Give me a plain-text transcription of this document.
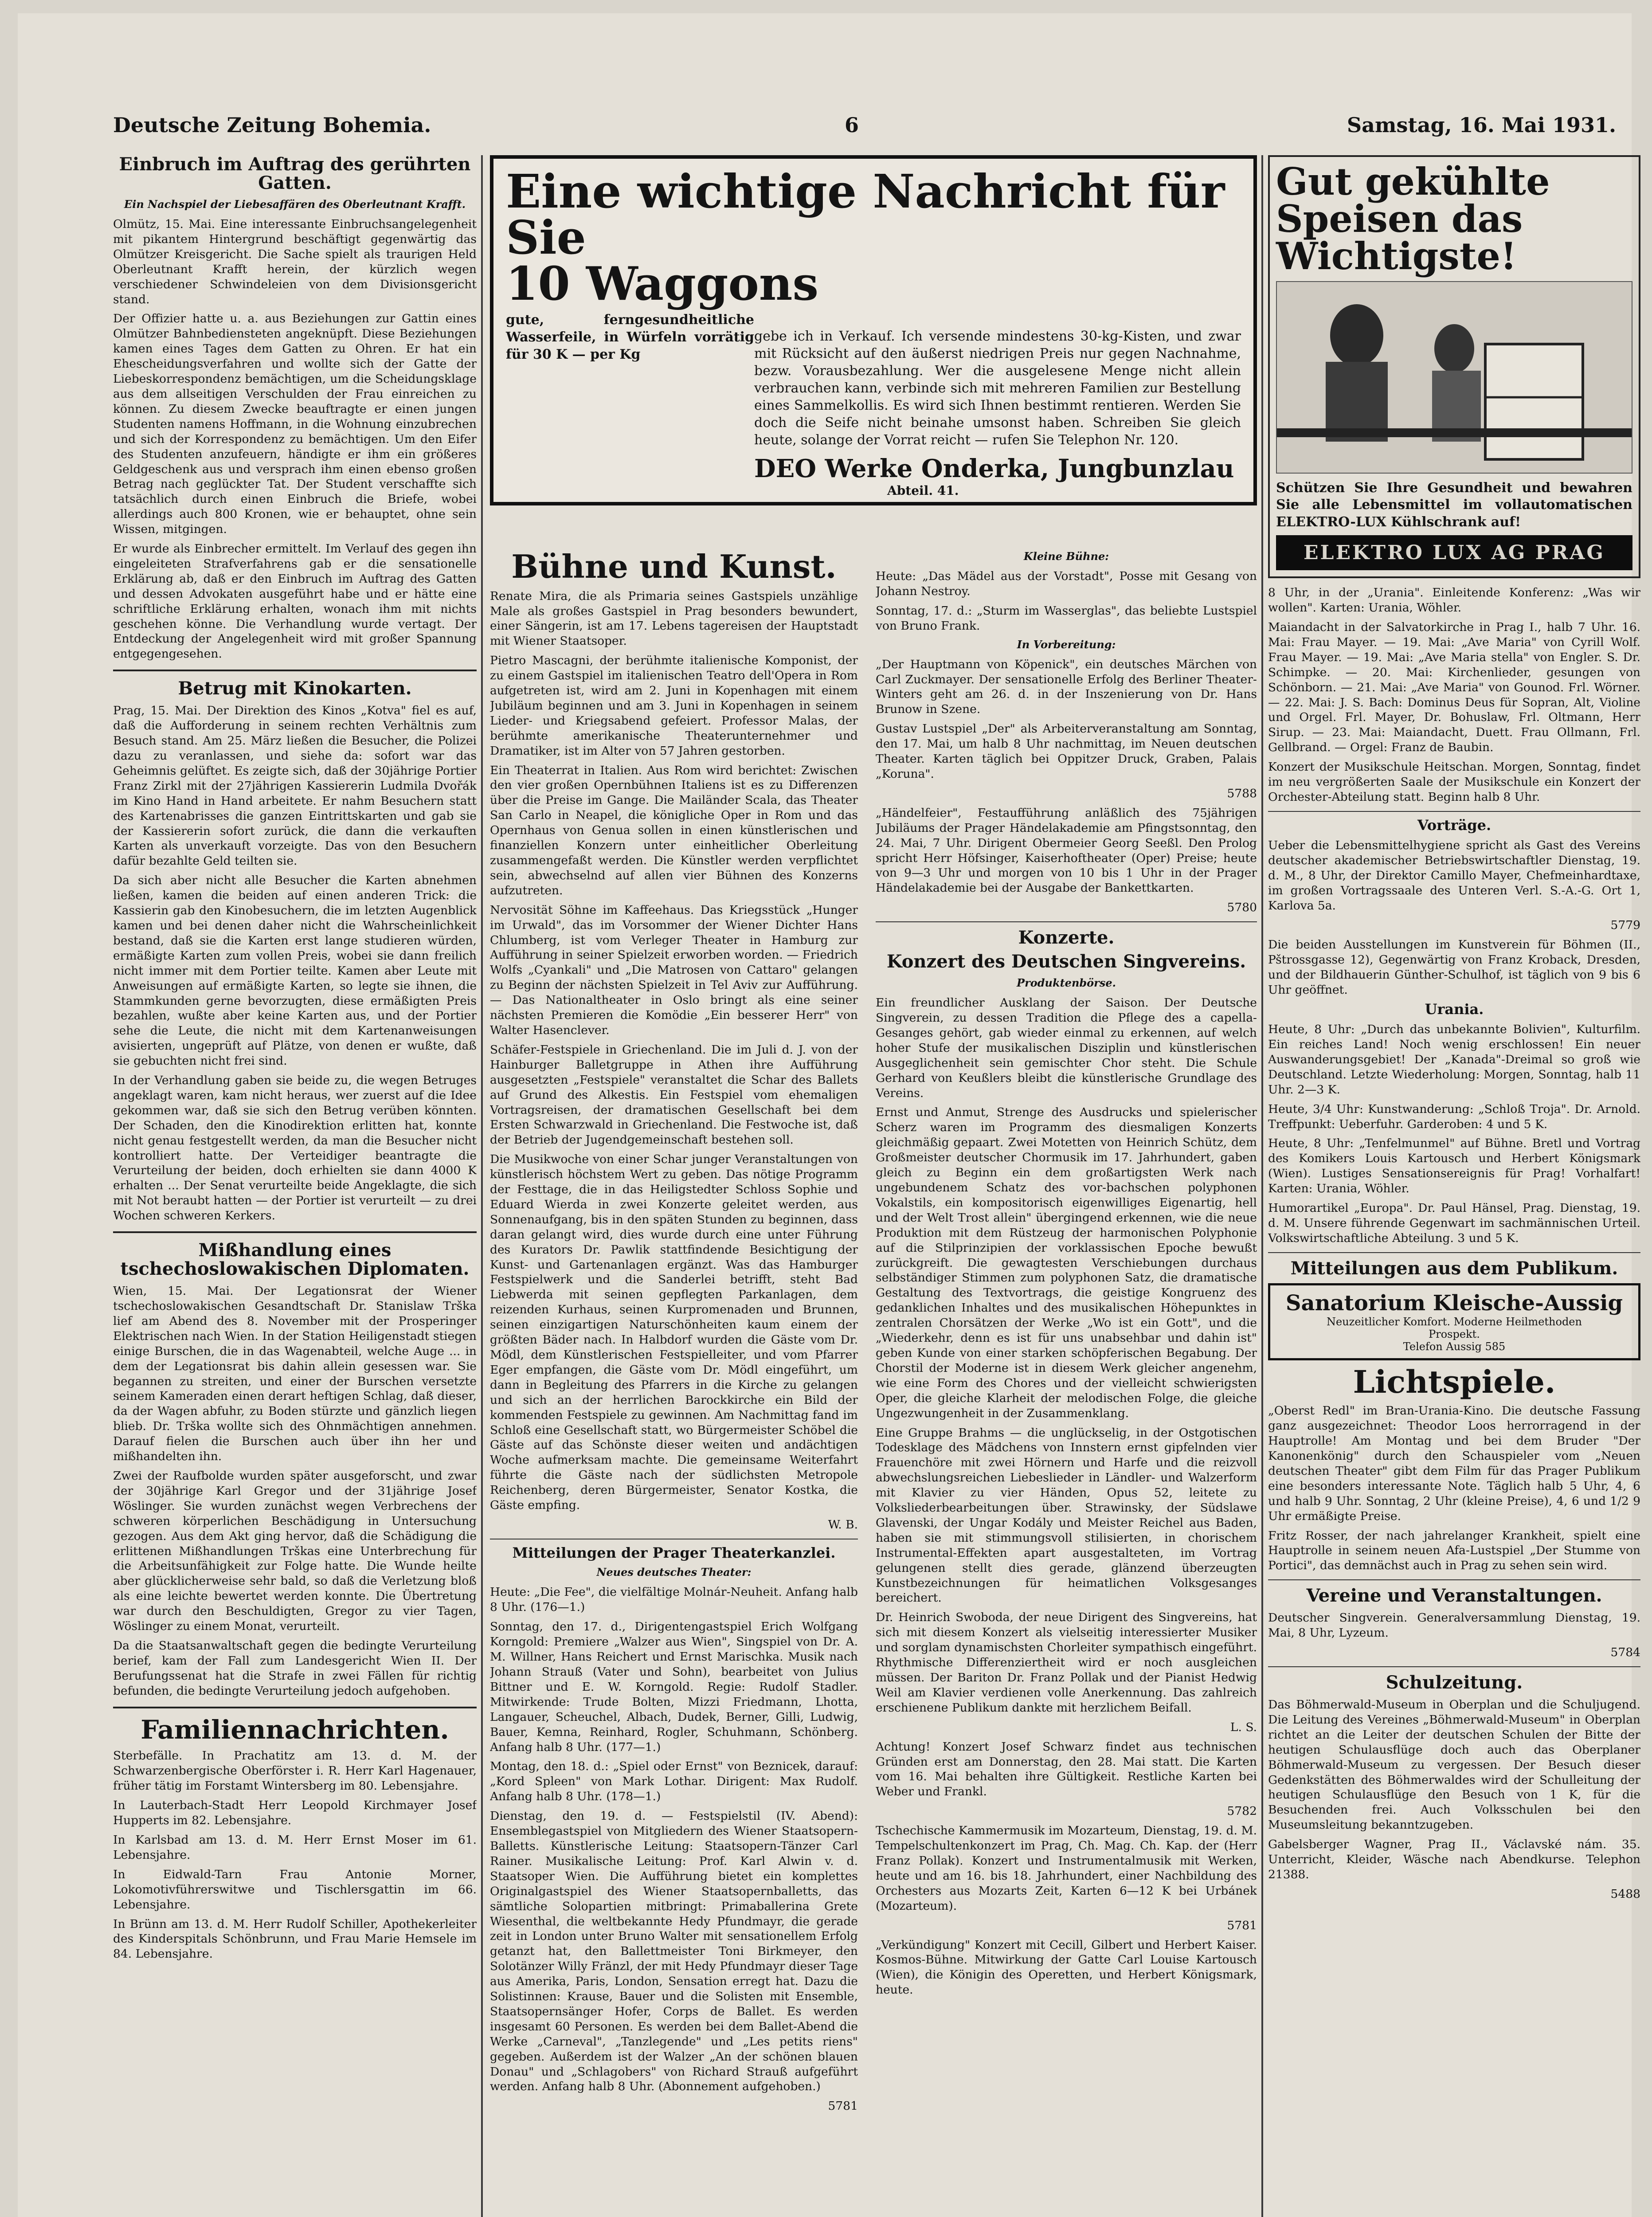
Deutsche Zeitung Bohemia.	6	Samstag, 16. Mai 1931.
Einbruch im Auftrag des gerührten Gatten.
Ein Nachspiel der Liebesaffären des Oberleutnant Krafft.

Olmütz, 15. Mai. Eine interessante Einbruchsangelegenheit mit pikantem Hintergrund beschäftigt gegenwärtig das Olmützer Kreisgericht. Die Sache spielt als traurigen Held Oberleutnant Krafft herein, der kürzlich wegen verschiedener Schwindeleien von dem Divisionsgericht stand.

Der Offizier hatte u. a. aus Beziehungen zur Gattin eines Olmützer Bahnbediensteten angeknüpft. Diese Beziehungen kamen eines Tages dem Gatten zu Ohren. Er hat ein Ehescheidungsverfahren und wollte sich der Gatte der Liebeskorrespondenz bemächtigen, um die Scheidungsklage aus dem allseitigen Verschulden der Frau einreichen zu können. Zu diesem Zwecke beauftragte er einen jungen Studenten namens Hoffmann, in die Wohnung einzubrechen und sich der Korrespondenz zu bemächtigen. Um den Eifer des Studenten anzufeuern, händigte er ihm ein größeres Geldgeschenk aus und versprach ihm einen ebenso großen Betrag nach geglückter Tat. Der Student verschaffte sich tatsächlich durch einen Einbruch die Briefe, wobei allerdings auch 800 Kronen, wie er behauptet, ohne sein Wissen, mitgingen.

Er wurde als Einbrecher ermittelt. Im Verlauf des gegen ihn eingeleiteten Strafverfahrens gab er die sensationelle Erklärung ab, daß er den Einbruch im Auftrag des Gatten und dessen Advokaten ausgeführt habe und er hätte eine schriftliche Erklärung erhalten, wonach ihm mit nichts geschehen könne. Die Verhandlung wurde vertagt. Der Entdeckung der Angelegenheit wird mit großer Spannung entgegengesehen.

Betrug mit Kinokarten.

Prag, 15. Mai. Der Direktion des Kinos „Kotva" fiel es auf, daß die Aufforderung in seinem rechten Verhältnis zum Besuch stand. Am 25. März ließen die Besucher, die Polizei dazu zu veranlassen, und siehe da: sofort war das Geheimnis gelüftet. Es zeigte sich, daß der 30jährige Portier Franz Zirkl mit der 27jährigen Kassiererin Ludmila Dvořák im Kino Hand in Hand arbeitete. Er nahm Besuchern statt des Kartenabrisses die ganzen Eintrittskarten und gab sie der Kassiererin sofort zurück, die dann die verkauften Karten als unverkauft vorzeigte. Das von den Besuchern dafür bezahlte Geld teilten sie.

Da sich aber nicht alle Besucher die Karten abnehmen ließen, kamen die beiden auf einen anderen Trick: die Kassierin gab den Kinobesuchern, die im letzten Augenblick kamen und bei denen daher nicht die Wahrscheinlichkeit bestand, daß sie die Karten erst lange studieren würden, ermäßigte Karten zum vollen Preis, wobei sie dann freilich nicht immer mit dem Portier teilte. Kamen aber Leute mit Anweisungen auf ermäßigte Karten, so legte sie ihnen, die Stammkunden gerne bevorzugten, diese ermäßigten Preis bezahlen, wußte aber keine Karten aus, und der Portier sehe die Leute, die nicht mit dem Kartenanweisungen avisierten, ungeprüft auf Plätze, von denen er wußte, daß sie gebuchten nicht frei sind.

In der Verhandlung gaben sie beide zu, die wegen Betruges angeklagt waren, kam nicht heraus, wer zuerst auf die Idee gekommen war, daß sie sich den Betrug verüben könnten. Der Schaden, den die Kinodirektion erlitten hat, konnte nicht genau festgestellt werden, da man die Besucher nicht kontrolliert hatte. Der Verteidiger beantragte die Verurteilung der beiden, doch erhielten sie dann 4000 K erhalten ... Der Senat verurteilte beide Angeklagte, die sich mit Not beraubt hatten — der Portier ist verurteilt — zu drei Wochen schweren Kerkers.

Mißhandlung eines tschechoslowakischen Diplomaten.

Wien, 15. Mai. Der Legationsrat der Wiener tschechoslowakischen Gesandtschaft Dr. Stanislaw Trška lief am Abend des 8. November mit der Prosperinger Elektrischen nach Wien. In der Station Heiligenstadt stiegen einige Burschen, die in das Wagenabteil, welche Auge ... in dem der Legationsrat bis dahin allein gesessen war. Sie begannen zu streiten, und einer der Burschen versetzte seinem Kameraden einen derart heftigen Schlag, daß dieser, da der Wagen abfuhr, zu Boden stürzte und gänzlich liegen blieb. Dr. Trška wollte sich des Ohnmächtigen annehmen. Darauf fielen die Burschen auch über ihn her und mißhandelten ihn.

Zwei der Raufbolde wurden später ausgeforscht, und zwar der 30jährige Karl Gregor und der 31jährige Josef Wöslinger. Sie wurden zunächst wegen Verbrechens der schweren körperlichen Beschädigung in Untersuchung gezogen. Aus dem Akt ging hervor, daß die Schädigung die erlittenen Mißhandlungen Trškas eine Unterbrechung für die Arbeitsunfähigkeit zur Folge hatte. Die Wunde heilte aber glücklicherweise sehr bald, so daß die Verletzung bloß als eine leichte bewertet werden konnte. Die Übertretung war durch den Beschuldigten, Gregor zu vier Tagen, Wöslinger zu einem Monat, verurteilt.

Da die Staatsanwaltschaft gegen die bedingte Verurteilung berief, kam der Fall zum Landesgericht Wien II. Der Berufungssenat hat die Strafe in zwei Fällen für richtig befunden, die bedingte Verurteilung jedoch aufgehoben.

Familiennachrichten.

Sterbefälle. In Prachatitz am 13. d. M. der Schwarzenbergische Oberförster i. R. Herr Karl Hagenauer, früher tätig im Forstamt Wintersberg im 80. Lebensjahre.

In Lauterbach-Stadt Herr Leopold Kirchmayer Josef Hupperts im 82. Lebensjahre.

In Karlsbad am 13. d. M. Herr Ernst Moser im 61. Lebensjahre.

In Eidwald-Tarn Frau Antonie Morner, Lokomotivführerswitwe und Tischlersgattin im 66. Lebensjahre.

In Brünn am 13. d. M. Herr Rudolf Schiller, Apothekerleiter des Kinderspitals Schönbrunn, und Frau Marie Hemsele im 84. Lebensjahre.

Eine wichtige Nachricht für Sie
10 Waggons
gute, ferngesundheitliche Wasserfeile, in Würfeln vorrätig für 30 K — per Kg
gebe ich in Verkauf. Ich versende mindestens 30-kg-Kisten, und zwar mit Rücksicht auf den äußerst niedrigen Preis nur gegen Nachnahme, bezw. Vorausbezahlung. Wer die ausgelesene Menge nicht allein verbrauchen kann, verbinde sich mit mehreren Familien zur Bestellung eines Sammelkollis. Es wird sich Ihnen bestimmt rentieren. Werden Sie doch die Seife nicht beinahe umsonst haben. Schreiben Sie gleich heute, solange der Vorrat reicht — rufen Sie Telephon Nr. 120.
DEO Werke Onderka, Jungbunzlau
Abteil. 41.
Bühne und Kunst.

Renate Mira, die als Primaria seines Gastspiels unzählige Male als großes Gastspiel in Prag besonders bewundert, einer Sängerin, ist am 17. Lebens tagereisen der Hauptstadt mit Wiener Staatsoper.

Pietro Mascagni, der berühmte italienische Komponist, der zu einem Gastspiel im italienischen Teatro dell'Opera in Rom aufgetreten ist, wird am 2. Juni in Kopenhagen mit einem Jubiläum beginnen und am 3. Juni in Kopenhagen in seinem Lieder- und Kriegsabend gefeiert. Professor Malas, der berühmte amerikanische Theaterunternehmer und Dramatiker, ist im Alter von 57 Jahren gestorben.

Ein Theaterrat in Italien. Aus Rom wird berichtet: Zwischen den vier großen Opernbühnen Italiens ist es zu Differenzen über die Preise im Gange. Die Mailänder Scala, das Theater San Carlo in Neapel, die königliche Oper in Rom und das Opernhaus von Genua sollen in einen künstlerischen und finanziellen Konzern unter einheitlicher Oberleitung zusammengefaßt werden. Die Künstler werden verpflichtet sein, abwechselnd auf allen vier Bühnen des Konzerns aufzutreten.

Nervosität Söhne im Kaffeehaus. Das Kriegsstück „Hunger im Urwald", das im Vorsommer der Wiener Dichter Hans Chlumberg, ist vom Verleger Theater in Hamburg zur Aufführung in seiner Spielzeit erworben worden. — Friedrich Wolfs „Cyankali" und „Die Matrosen von Cattaro" gelangen zu Beginn der nächsten Spielzeit in Tel Aviv zur Aufführung. — Das Nationaltheater in Oslo bringt als eine seiner nächsten Premieren die Komödie „Ein besserer Herr" von Walter Hasenclever.

Schäfer-Festspiele in Griechenland. Die im Juli d. J. von der Hainburger Balletgruppe in Athen ihre Aufführung ausgesetzten „Festspiele" veranstaltet die Schar des Ballets auf Grund des Alkestis. Ein Festspiel vom ehemaligen Vortragsreisen, der dramatischen Gesellschaft bei dem Ersten Schwarzwald in Griechenland. Die Festwoche ist, daß der Betrieb der Jugendgemeinschaft bestehen soll.

Die Musikwoche von einer Schar junger Veranstaltungen von künstlerisch höchstem Wert zu geben. Das nötige Programm der Festtage, die in das Heiligstedter Schloss Sophie und Eduard Wierda in zwei Konzerte geleitet werden, aus Sonnenaufgang, bis in den späten Stunden zu beginnen, dass daran gelangt wird, dies wurde durch eine unter Führung des Kurators Dr. Pawlik stattfindende Besichtigung der Kunst- und Gartenanlagen ergänzt. Was das Hamburger Festspielwerk und die Sanderlei betrifft, steht Bad Liebwerda mit seinen gepflegten Parkanlagen, dem reizenden Kurhaus, seinen Kurpromenaden und Brunnen, seinen einzigartigen Naturschönheiten kaum einem der größten Bäder nach. In Halbdorf wurden die Gäste vom Dr. Mödl, dem Künstlerischen Festspielleiter, und vom Pfarrer Eger empfangen, die Gäste vom Dr. Mödl eingeführt, um dann in Begleitung des Pfarrers in die Kirche zu gelangen und sich an der herrlichen Barockkirche ein Bild der kommenden Festspiele zu gewinnen. Am Nachmittag fand im Schloß eine Gesellschaft statt, wo Bürgermeister Schöbel die Gäste auf das Schönste dieser weiten und andächtigen Woche aufmerksam machte. Die gemeinsame Weiterfahrt führte die Gäste nach der südlichsten Metropole Reichenberg, deren Bürgermeister, Senator Kostka, die Gäste empfing.

W. B.

Mitteilungen der Prager Theaterkanzlei.
Neues deutsches Theater:

Heute: „Die Fee", die vielfältige Molnár-Neuheit. Anfang halb 8 Uhr. (176—1.)

Sonntag, den 17. d., Dirigentengastspiel Erich Wolfgang Korngold: Premiere „Walzer aus Wien", Singspiel von Dr. A. M. Willner, Hans Reichert und Ernst Marischka. Musik nach Johann Strauß (Vater und Sohn), bearbeitet von Julius Bittner und E. W. Korngold. Regie: Rudolf Stadler. Mitwirkende: Trude Bolten, Mizzi Friedmann, Lhotta, Langauer, Scheuchel, Albach, Dudek, Berner, Gilli, Ludwig, Bauer, Kemna, Reinhard, Rogler, Schuhmann, Schönberg. Anfang halb 8 Uhr. (177—1.)

Montag, den 18. d.: „Spiel oder Ernst" von Beznicek, darauf: „Kord Spleen" von Mark Lothar. Dirigent: Max Rudolf. Anfang halb 8 Uhr. (178—1.)

Dienstag, den 19. d. — Festspielstil (IV. Abend): Ensemblegastspiel von Mitgliedern des Wiener Staatsopern-Balletts. Künstlerische Leitung: Staatsopern-Tänzer Carl Rainer. Musikalische Leitung: Prof. Karl Alwin v. d. Staatsoper Wien. Die Aufführung bietet ein komplettes Originalgastspiel des Wiener Staatsopernballetts, das sämtliche Solopartien mitbringt: Primaballerina Grete Wiesenthal, die weltbekannte Hedy Pfundmayr, die gerade zeit in London unter Bruno Walter mit sensationellem Erfolg getanzt hat, den Ballettmeister Toni Birkmeyer, den Solotänzer Willy Fränzl, der mit Hedy Pfundmayr dieser Tage aus Amerika, Paris, London, Sensation erregt hat. Dazu die Solistinnen: Krause, Bauer und die Solisten mit Ensemble, Staatsopernsänger Hofer, Corps de Ballet. Es werden insgesamt 60 Personen. Es werden bei dem Ballet-Abend die Werke „Carneval", „Tanzlegende" und „Les petits riens" gegeben. Außerdem ist der Walzer „An der schönen blauen Donau" und „Schlagobers" von Richard Strauß aufgeführt werden. Anfang halb 8 Uhr. (Abonnement aufgehoben.)

5781

Kleine Bühne:

Heute: „Das Mädel aus der Vorstadt", Posse mit Gesang von Johann Nestroy.

Sonntag, 17. d.: „Sturm im Wasserglas", das beliebte Lustspiel von Bruno Frank.

In Vorbereitung:

„Der Hauptmann von Köpenick", ein deutsches Märchen von Carl Zuckmayer. Der sensationelle Erfolg des Berliner Theater-Winters geht am 26. d. in der Inszenierung von Dr. Hans Brunow in Szene.

Gustav Lustspiel „Der" als Arbeiterveranstaltung am Sonntag, den 17. Mai, um halb 8 Uhr nachmittag, im Neuen deutschen Theater. Karten täglich bei Oppitzer Druck, Graben, Palais „Koruna".

5788

„Händelfeier", Festaufführung anläßlich des 75jährigen Jubiläums der Prager Händelakademie am Pfingstsonntag, den 24. Mai, 7 Uhr. Dirigent Obermeier Georg Seeßl. Den Prolog spricht Herr Höfsinger, Kaiserhoftheater (Oper) Preise; heute von 9—3 Uhr und morgen von 10 bis 1 Uhr in der Prager Händelakademie bei der Ausgabe der Bankettkarten.

5780

Konzerte.
Konzert des Deutschen Singvereins.
Produktenbörse.

Ein freundlicher Ausklang der Saison. Der Deutsche Singverein, zu dessen Tradition die Pflege des a capella-Gesanges gehört, gab wieder einmal zu erkennen, auf welch hoher Stufe der musikalischen Disziplin und künstlerischen Ausgeglichenheit sein gemischter Chor steht. Die Schule Gerhard von Keußlers bleibt die künstlerische Grundlage des Vereins.

Ernst und Anmut, Strenge des Ausdrucks und spielerischer Scherz waren im Programm des diesmaligen Konzerts gleichmäßig gepaart. Zwei Motetten von Heinrich Schütz, dem Großmeister deutscher Chormusik im 17. Jahrhundert, gaben gleich zu Beginn ein dem großartigsten Werk nach ungebundenem Schatz des vor-bachschen polyphonen Vokalstils, ein kompositorisch eigenwilliges Eigenartig, hell und der Welt Trost allein" übergingend erkennen, wie die neue Produktion mit dem Rüstzeug der harmonischen Polyphonie auf die Stilprinzipien der vorklassischen Epoche bewußt zurückgreift. Die gewagtesten Verschiebungen durchaus selbständiger Stimmen zum polyphonen Satz, die dramatische Gestaltung des Textvortrags, die geistige Kongruenz des gedanklichen Inhaltes und des musikalischen Höhepunktes in zentralen Chorsätzen der Werke „Wo ist ein Gott", und die „Wiederkehr, denn es ist für uns unabsehbar und dahin ist" geben Kunde von einer starken schöpferischen Begabung. Der Chorstil der Moderne ist in diesem Werk gleicher angenehm, wie eine Form des Chores und der vielleicht schwierigsten Oper, die gleiche Klarheit der melodischen Folge, die gleiche Ungezwungenheit in der Zusammenklang.

Eine Gruppe Brahms — die unglückselig, in der Ostgotischen Todesklage des Mädchens von Innstern ernst gipfelnden vier Frauenchöre mit zwei Hörnern und Harfe und die reizvoll abwechslungsreichen Liebeslieder in Ländler- und Walzerform mit Klavier zu vier Händen, Opus 52, leitete zu Volksliederbearbeitungen über. Strawinsky, der Südslawe Glavenski, der Ungar Kodály und Meister Reichel aus Baden, haben sie mit stimmungsvoll stilisierten, in chorischem Instrumental-Effekten apart ausgestalteten, im Vortrag gelungenen stellt dies gerade, glänzend überzeugten Kunstbezeichnungen für heimatlichen Volksgesanges bereichert.

Dr. Heinrich Swoboda, der neue Dirigent des Singvereins, hat sich mit diesem Konzert als vielseitig interessierter Musiker und sorglam dynamischsten Chorleiter sympathisch eingeführt. Rhythmische Differenziertheit wird er noch ausgleichen müssen. Der Bariton Dr. Franz Pollak und der Pianist Hedwig Weil am Klavier verdienen volle Anerkennung. Das zahlreich erschienene Publikum dankte mit herzlichem Beifall.

L. S.

Achtung! Konzert Josef Schwarz findet aus technischen Gründen erst am Donnerstag, den 28. Mai statt. Die Karten vom 16. Mai behalten ihre Gültigkeit. Restliche Karten bei Weber und Frankl.

5782

Tschechische Kammermusik im Mozarteum, Dienstag, 19. d. M. Tempelschultenkonzert im Prag, Ch. Mag. Ch. Kap. der (Herr Franz Pollak). Konzert und Instrumentalmusik mit Werken, heute und am 16. bis 18. Jahrhundert, einer Nachbildung des Orchesters aus Mozarts Zeit, Karten 6—12 K bei Urbánek (Mozarteum).

5781

„Verkündigung" Konzert mit Cecill, Gilbert und Herbert Kaiser. Kosmos-Bühne. Mitwirkung der Gatte Carl Louise Kartousch (Wien), die Königin des Operetten, und Herbert Königsmark, heute.

Gut gekühlte Speisen das Wichtigste!

Schützen Sie Ihre Gesundheit und bewahren Sie alle Lebensmittel im vollautomatischen ELEKTRO-LUX Kühlschrank auf!

ELEKTRO LUX AG PRAG

8 Uhr, in der „Urania". Einleitende Konferenz: „Was wir wollen". Karten: Urania, Wöhler.

Maiandacht in der Salvatorkirche in Prag I., halb 7 Uhr. 16. Mai: Frau Mayer. — 19. Mai: „Ave Maria" von Cyrill Wolf. Frau Mayer. — 19. Mai: „Ave Maria stella" von Engler. S. Dr. Schimpke. — 20. Mai: Kirchenlieder, gesungen von Schönborn. — 21. Mai: „Ave Maria" von Gounod. Frl. Wörner. — 22. Mai: J. S. Bach: Dominus Deus für Sopran, Alt, Violine und Orgel. Frl. Mayer, Dr. Bohuslaw, Frl. Oltmann, Herr Sirup. — 23. Mai: Maiandacht, Duett. Frau Ollmann, Frl. Gellbrand. — Orgel: Franz de Baubin.

Konzert der Musikschule Heitschan. Morgen, Sonntag, findet im neu vergrößerten Saale der Musikschule ein Konzert der Orchester-Abteilung statt. Beginn halb 8 Uhr.

Vorträge.

Ueber die Lebensmittelhygiene spricht als Gast des Vereins deutscher akademischer Betriebswirtschaftler Dienstag, 19. d. M., 8 Uhr, der Direktor Camillo Mayer, Chefmeinhardtaxe, im großen Vortragssaale des Unteren Verl. S.-A.-G. Ort 1, Karlova 5a.

5779

Die beiden Ausstellungen im Kunstverein für Böhmen (II., Pštrossgasse 12), Gegenwärtig von Franz Kroback, Dresden, und der Bildhauerin Günther-Schulhof, ist täglich von 9 bis 6 Uhr geöffnet.

Urania.

Heute, 8 Uhr: „Durch das unbekannte Bolivien", Kulturfilm. Ein reiches Land! Noch wenig erschlossen! Ein neuer Auswanderungsgebiet! Der „Kanada"-Dreimal so groß wie Deutschland. Letzte Wiederholung: Morgen, Sonntag, halb 11 Uhr. 2—3 K.

Heute, 3/4 Uhr: Kunstwanderung: „Schloß Troja". Dr. Arnold. Treffpunkt: Ueberfuhr. Garderoben: 4 und 5 K.

Heute, 8 Uhr: „Tenfelmunmel" auf Bühne. Bretl und Vortrag des Komikers Louis Kartousch und Herbert Königsmark (Wien). Lustiges Sensationsereignis für Prag! Vorhalfart! Karten: Urania, Wöhler.

Humorartikel „Europa". Dr. Paul Hänsel, Prag. Dienstag, 19. d. M. Unsere führende Gegenwart im sachmännischen Urteil. Volkswirtschaftliche Abteilung. 3 und 5 K.

Mitteilungen aus dem Publikum.
Sanatorium Kleische-Aussig
Neuzeitlicher Komfort. Moderne Heilmethoden
Prospekt.
Telefon Aussig 585
Lichtspiele.

„Oberst Redl" im Bran-Urania-Kino. Die deutsche Fassung ganz ausgezeichnet: Theodor Loos herrorragend in der Hauptrolle! Am Montag und bei dem Bruder "Der Kanonenkönig" durch den Schauspieler vom „Neuen deutschen Theater" gibt dem Film für das Prager Publikum eine besonders interessante Note. Täglich halb 5 Uhr, 4, 6 und halb 9 Uhr. Sonntag, 2 Uhr (kleine Preise), 4, 6 und 1/2 9 Uhr ermäßigte Preise.

Fritz Rosser, der nach jahrelanger Krankheit, spielt eine Hauptrolle in seinem neuen Afa-Lustspiel „Der Stumme von Portici", das demnächst auch in Prag zu sehen sein wird.

Vereine und Veranstaltungen.

Deutscher Singverein. Generalversammlung Dienstag, 19. Mai, 8 Uhr, Lyzeum.

5784

Schulzeitung.

Das Böhmerwald-Museum in Oberplan und die Schuljugend. Die Leitung des Vereines „Böhmerwald-Museum" in Oberplan richtet an die Leiter der deutschen Schulen der Bitte der heutigen Schulausflüge doch auch das Oberplaner Böhmerwald-Museum zu vergessen. Der Besuch dieser Gedenkstätten des Böhmerwaldes wird der Schulleitung der heutigen Schulausflüge den Besuch von 1 K, für die Besuchenden frei. Auch Volksschulen bei den Museumsleitung bekanntzugeben.

Gabelsberger Wagner, Prag II., Václavské nám. 35. Unterricht, Kleider, Wäsche nach Abendkurse. Telephon 21388.

5488
